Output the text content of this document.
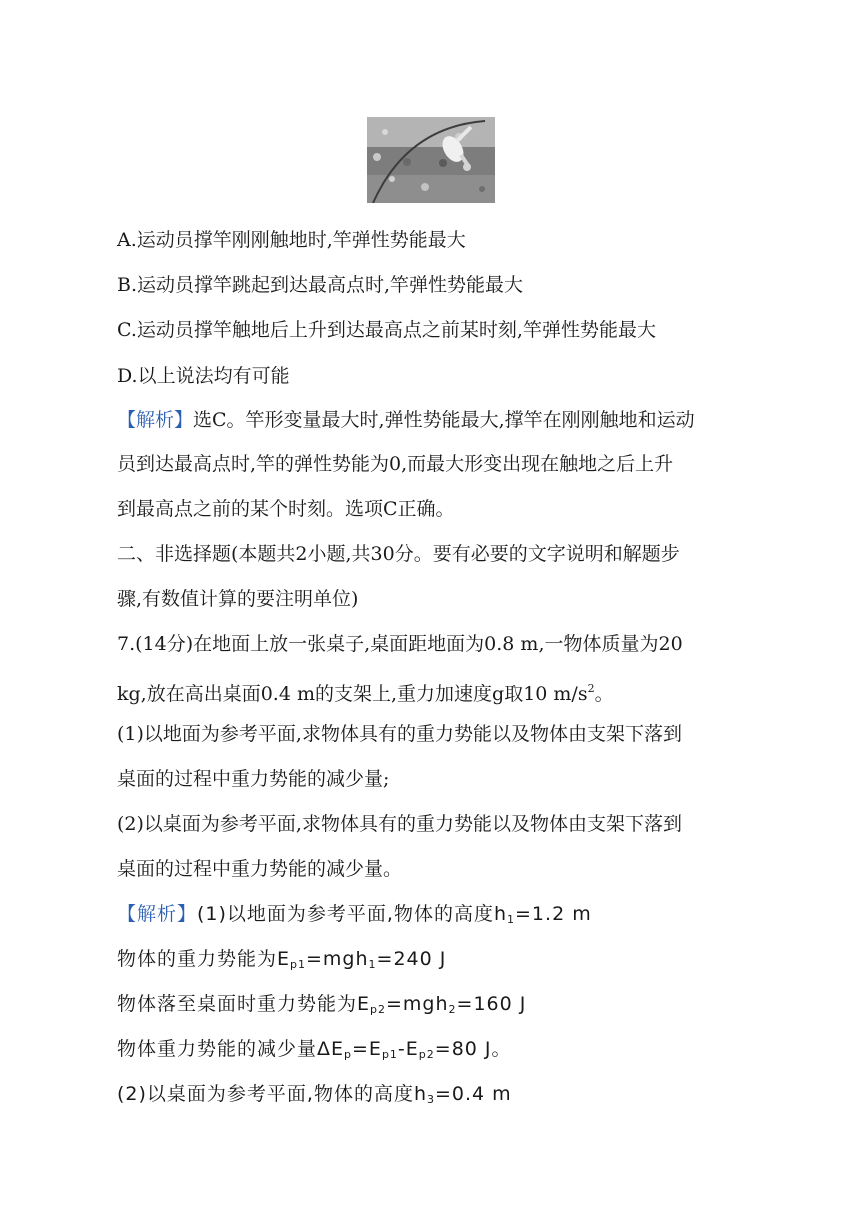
A.运动员撑竿刚刚触地时,竿弹性势能最大
B.运动员撑竿跳起到达最高点时,竿弹性势能最大
C.运动员撑竿触地后上升到达最高点之前某时刻,竿弹性势能最大
D.以上说法均有可能
【解析】选C。竿形变量最大时,弹性势能最大,撑竿在刚刚触地和运动
员到达最高点时,竿的弹性势能为0,而最大形变出现在触地之后上升
到最高点之前的某个时刻。选项C正确。
二、非选择题(本题共2小题,共30分。要有必要的文字说明和解题步
骤,有数值计算的要注明单位)
7.(14分)在地面上放一张桌子,桌面距地面为0.8 m,一物体质量为20
kg,放在高出桌面0.4 m的支架上,重力加速度g取10 $m/s^2$。
(1)以地面为参考平面,求物体具有的重力势能以及物体由支架下落到
桌面的过程中重力势能的减少量;
(2)以桌面为参考平面,求物体具有的重力势能以及物体由支架下落到
桌面的过程中重力势能的减少量。
【解析】(1)以地面为参考平面,物体的高度$h_1=1.2$ m
物体的重力势能为$E_{p1}=mgh_1=240$ J
物体落至桌面时重力势能为$E_{p2}=mgh_2=160$ J
物体重力势能的减少量$\Delta E_p=E_{p1}-E_{p2}=80$ J。
(2)以桌面为参考平面,物体的高度$h_3=0.4$ m
